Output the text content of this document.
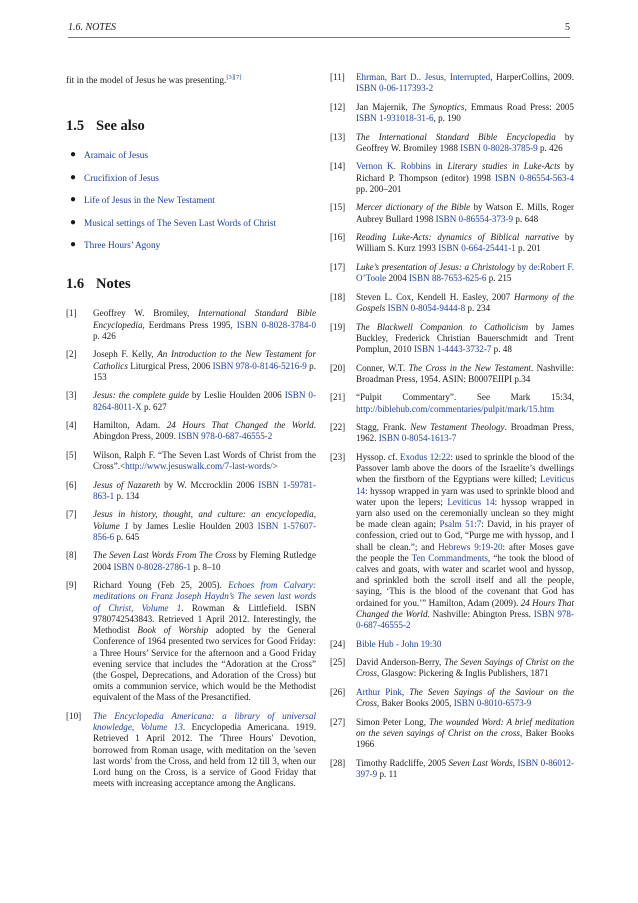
1.6. NOTES	5

fit in the model of Jesus he was presenting.[3][7]

1.5 See also
● Aramaic of Jesus
● Crucifixion of Jesus
● Life of Jesus in the New Testament
● Musical settings of The Seven Last Words of Christ
● Three Hours’ Agony
1.6 Notes
[1] Geoffrey W. Bromiley, International Standard Bible Encyclopedia, Eerdmans Press 1995, ISBN 0-8028-3784-0 p. 426
[2] Joseph F. Kelly, An Introduction to the New Testament for Catholics Liturgical Press, 2006 ISBN 978-0-8146-5216-9 p. 153
[3] Jesus: the complete guide by Leslie Houlden 2006 ISBN 0-8264-8011-X p. 627
[4] Hamilton, Adam. 24 Hours That Changed the World. Abingdon Press, 2009. ISBN 978-0-687-46555-2
[5] Wilson, Ralph F. “The Seven Last Words of Christ from the Cross”.<http://www.jesuswalk.com/7-last-words/>
[6] Jesus of Nazareth by W. Mccrocklin 2006 ISBN 1-59781-863-1 p. 134
[7] Jesus in history, thought, and culture: an encyclopedia, Volume 1 by James Leslie Houlden 2003 ISBN 1-57607-856-6 p. 645
[8] The Seven Last Words From The Cross by Fleming Rutledge 2004 ISBN 0-8028-2786-1 p. 8–10
[9] Richard Young (Feb 25, 2005). Echoes from Calvary: meditations on Franz Joseph Haydn’s The seven last words of Christ, Volume 1. Rowman & Littlefield. ISBN 9780742543843. Retrieved 1 April 2012. Interestingly, the Methodist Book of Worship adopted by the General Conference of 1964 presented two services for Good Friday: a Three Hours’ Service for the afternoon and a Good Friday evening service that includes the “Adoration at the Cross” (the Gospel, Deprecations, and Adoration of the Cross) but omits a communion service, which would be the Methodist equivalent of the Mass of the Presanctified.
[10] The Encyclopedia Americana: a library of universal knowledge, Volume 13. Encyclopedia Americana. 1919. Retrieved 1 April 2012. The 'Three Hours' Devotion, borrowed from Roman usage, with meditation on the 'seven last words' from the Cross, and held from 12 till 3, when our Lord hung on the Cross, is a service of Good Friday that meets with increasing acceptance among the Anglicans.
[11] Ehrman, Bart D.. Jesus, Interrupted, HarperCollins, 2009. ISBN 0-06-117393-2
[12] Jan Majernik, The Synoptics, Emmaus Road Press: 2005 ISBN 1-931018-31-6, p. 190
[13] The International Standard Bible Encyclopedia by Geoffrey W. Bromiley 1988 ISBN 0-8028-3785-9 p. 426
[14] Vernon K. Robbins in Literary studies in Luke-Acts by Richard P. Thompson (editor) 1998 ISBN 0-86554-563-4 pp. 200–201
[15] Mercer dictionary of the Bible by Watson E. Mills, Roger Aubrey Bullard 1998 ISBN 0-86554-373-9 p. 648
[16] Reading Luke-Acts: dynamics of Biblical narrative by William S. Kurz 1993 ISBN 0-664-25441-1 p. 201
[17] Luke’s presentation of Jesus: a Christology by de:Robert F. O’Toole 2004 ISBN 88-7653-625-6 p. 215
[18] Steven L. Cox, Kendell H. Easley, 2007 Harmony of the Gospels ISBN 0-8054-9444-8 p. 234
[19] The Blackwell Companion to Catholicism by James Buckley, Frederick Christian Bauerschmidt and Trent Pomplun, 2010 ISBN 1-4443-3732-7 p. 48
[20] Conner, W.T. The Cross in the New Testament. Nashville: Broadman Press, 1954. ASIN: B0007EIIPI p.34
[21] “Pulpit Commentary”. See Mark 15:34, http://biblehub.com/commentaries/pulpit/mark/15.htm
[22] Stagg, Frank. New Testament Theology. Broadman Press, 1962. ISBN 0-8054-1613-7
[23] Hyssop. cf. Exodus 12:22: used to sprinkle the blood of the Passover lamb above the doors of the Israelite’s dwellings when the firstborn of the Egyptians were killed; Leviticus 14: hyssop wrapped in yarn was used to sprinkle blood and water upon the lepers; Leviticus 14: hyssop wrapped in yarn also used on the ceremonially unclean so they might be made clean again; Psalm 51:7: David, in his prayer of confession, cried out to God, “Purge me with hyssop, and I shall be clean.”; and Hebrews 9:19-20: after Moses gave the people the Ten Commandments, “he took the blood of calves and goats, with water and scarlet wool and hyssop, and sprinkled both the scroll itself and all the people, saying, ‘This is the blood of the covenant that God has ordained for you.’” Hamilton, Adam (2009). 24 Hours That Changed the World. Nashville: Abington Press. ISBN 978-0-687-46555-2
[24] Bible Hub - John 19:30
[25] David Anderson-Berry, The Seven Sayings of Christ on the Cross, Glasgow: Pickering & Inglis Publishers, 1871
[26] Arthur Pink, The Seven Sayings of the Saviour on the Cross, Baker Books 2005, ISBN 0-8010-6573-9
[27] Simon Peter Long, The wounded Word: A brief meditation on the seven sayings of Christ on the cross, Baker Books 1966
[28] Timothy Radcliffe, 2005 Seven Last Words, ISBN 0-86012-397-9 p. 11
